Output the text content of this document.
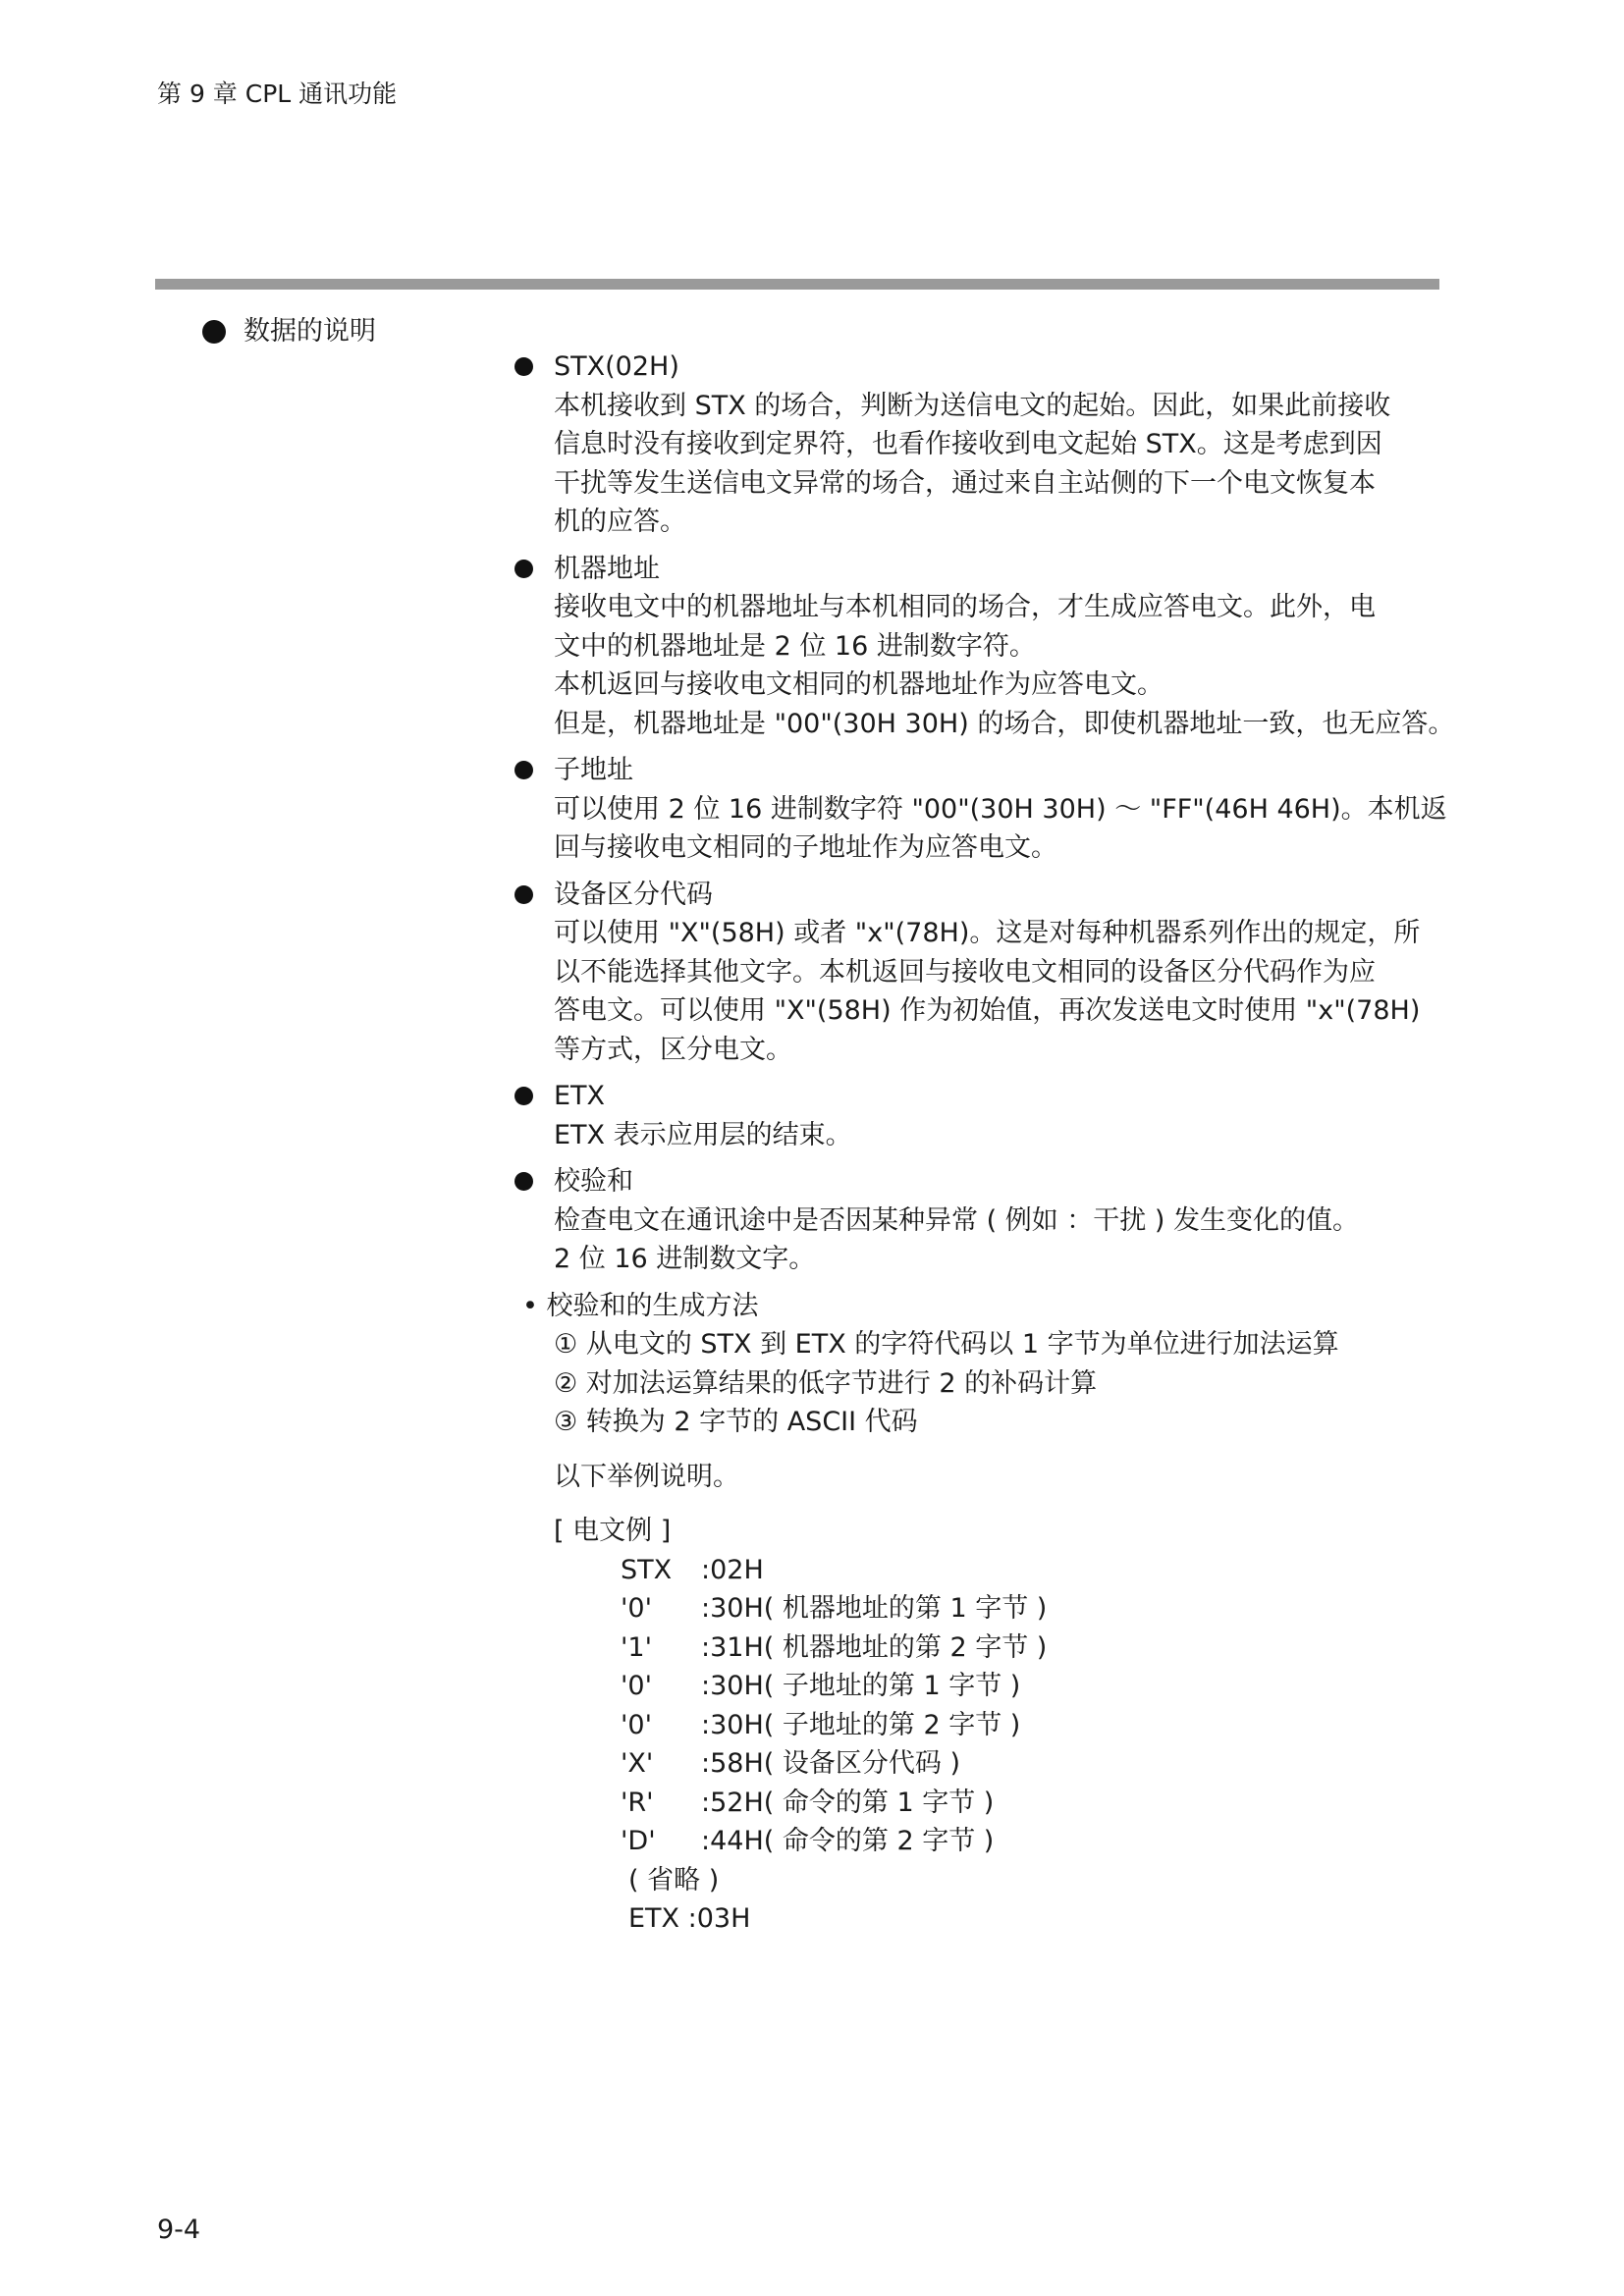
第 9 章 CPL 通讯功能
数据的说明
STX(02H)
本机接收到 STX 的场合，判断为送信电文的起始。因此，如果此前接收
信息时没有接收到定界符，也看作接收到电文起始 STX。这是考虑到因
干扰等发生送信电文异常的场合，通过来自主站侧的下一个电文恢复本
机的应答。
机器地址
接收电文中的机器地址与本机相同的场合，才生成应答电文。此外，电
文中的机器地址是 2 位 16 进制数字符。
本机返回与接收电文相同的机器地址作为应答电文。
但是，机器地址是 "00"(30H 30H) 的场合，即使机器地址一致，也无应答。
子地址
可以使用 2 位 16 进制数字符 "00"(30H 30H) ～ "FF"(46H 46H)。本机返
回与接收电文相同的子地址作为应答电文。
设备区分代码
可以使用 "X"(58H) 或者 "x"(78H)。这是对每种机器系列作出的规定，所
以不能选择其他文字。本机返回与接收电文相同的设备区分代码作为应
答电文。可以使用 "X"(58H) 作为初始值，再次发送电文时使用 "x"(78H)
等方式，区分电文。
ETX
ETX 表示应用层的结束。
校验和
检查电文在通讯途中是否因某种异常 ( 例如 ：干扰 ) 发生变化的值。
2 位 16 进制数文字。
• 校验和的生成方法
① 从电文的 STX 到 ETX 的字符代码以 1 字节为单位进行加法运算
② 对加法运算结果的低字节进行 2 的补码计算
③ 转换为 2 字节的 ASCII 代码
以下举例说明。
[ 电文例 ]
STX	:02H
'0'	:30H( 机器地址的第 1 字节 )
'1'	:31H( 机器地址的第 2 字节 )
'0'	:30H( 子地址的第 1 字节 )
'0'	:30H( 子地址的第 2 字节 )
'X'	:58H( 设备区分代码 )
'R'	:52H( 命令的第 1 字节 )
'D'	:44H( 命令的第 2 字节 )
( 省略 )
ETX :03H
9-4
